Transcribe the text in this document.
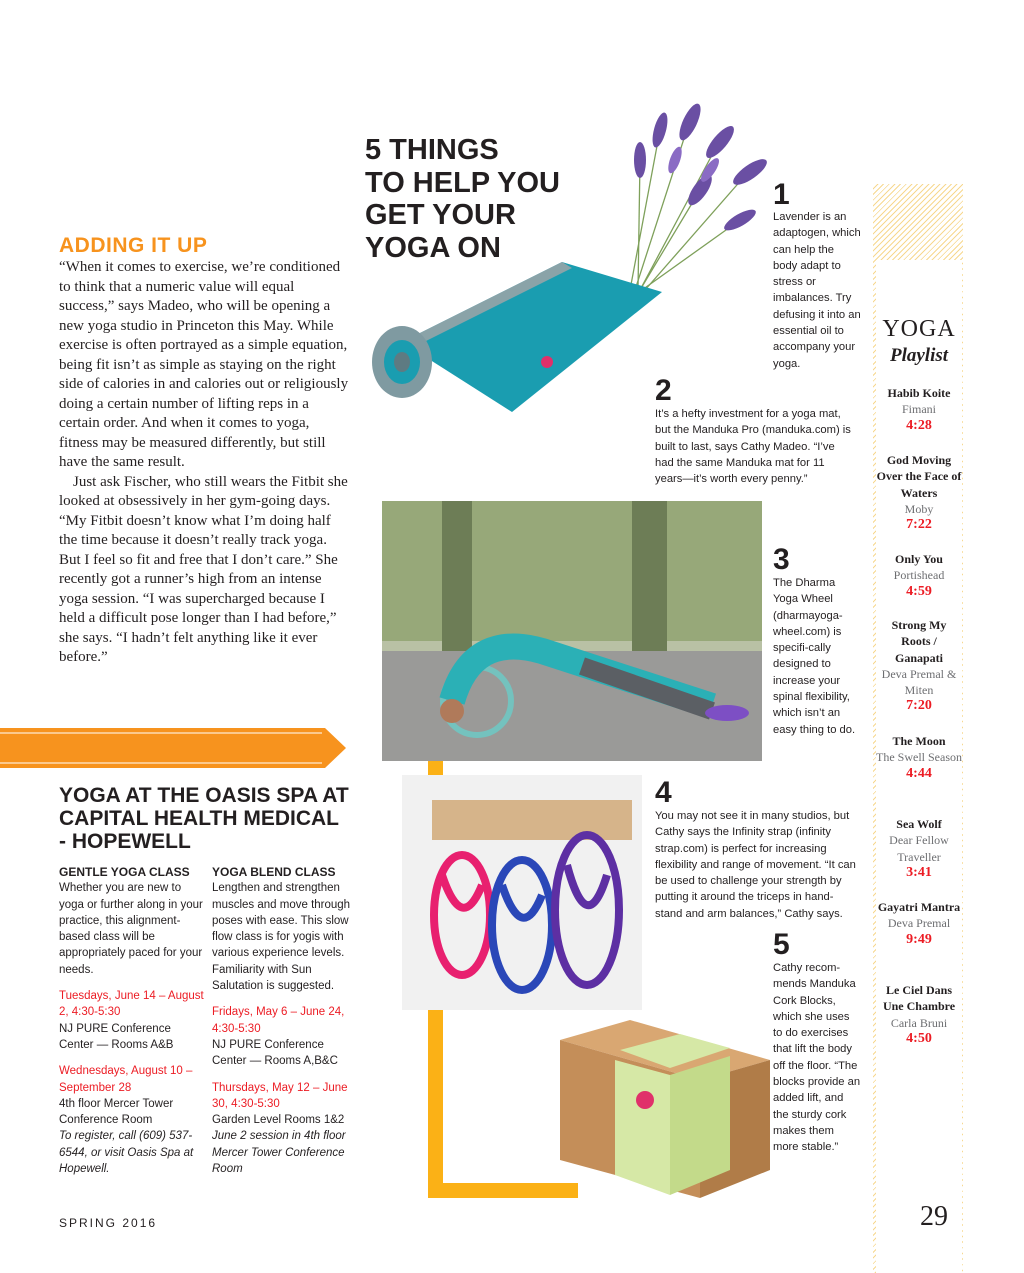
5 THINGS
TO HELP YOU
GET YOUR
YOGA ON
ADDING IT UP

“When it comes to exercise, we’re conditioned to think that a numeric value will equal success,” says Madeo, who will be opening a new yoga studio in Princeton this May. While exercise is often portrayed as a simple equation, being fit isn’t as simple as staying on the right side of calories in and calories out or religiously doing a certain number of lifting reps in a certain order. And when it comes to yoga, fitness may be measured differently, but still have the same result.

Just ask Fischer, who still wears the Fitbit she looked at obsessively in her gym-going days. “My Fitbit doesn’t know what I’m doing half the time because it doesn’t really track yoga. But I feel so fit and free that I don’t care.” She recently got a runner’s high from an intense yoga session. “I was supercharged because I held a difficult pose longer than I had before,” she says. “I hadn’t felt anything like it ever before.”

YOGA AT THE OASIS SPA AT CAPITAL HEALTH MEDICAL - HOPEWELL
GENTLE YOGA CLASS
Whether you are new to yoga or further along in your practice, this alignment-based class will be appropriately paced for your needs.
Tuesdays, June 14 – August 2, 4:30-5:30
NJ PURE Conference Center — Rooms A&B
Wednesdays, August 10 – September 28
4th floor Mercer Tower Conference Room
To register, call (609) 537-6544, or visit Oasis Spa at Hopewell.
YOGA BLEND CLASS
Lengthen and strengthen muscles and move through poses with ease. This slow flow class is for yogis with various experience levels. Familiarity with Sun Salutation is suggested.
Fridays, May 6 – June 24, 4:30-5:30
NJ PURE Conference Center — Rooms A,B&C
Thursdays, May 12 – June 30, 4:30-5:30
Garden Level Rooms 1&2
June 2 session in 4th floor Mercer Tower Conference Room
SPRING 2016
1
Lavender is an adaptogen, which can help the body adapt to stress or imbalances. Try defusing it into an essential oil to accompany your yoga.
2
It’s a hefty investment for a yoga mat, but the Manduka Pro (manduka.com) is built to last, says Cathy Madeo. “I’ve had the same Manduka mat for 11 years—it’s worth every penny.”
3
The Dharma Yoga Wheel (dharmayoga-wheel.com) is specifi-cally designed to increase your spinal flexibility, which isn’t an easy thing to do.
4
You may not see it in many studios, but Cathy says the Infinity strap (infinity strap.com) is perfect for increasing flexibility and range of movement. “It can be used to challenge your strength by putting it around the triceps in hand-stand and arm balances,” Cathy says.
5
Cathy recom-mends Manduka Cork Blocks, which she uses to do exercises that lift the body off the floor. “The blocks provide an added lift, and the sturdy cork makes them more stable.”
YOGA
Playlist
Habib Koite
Fimani
4:28
God Moving Over the Face of Waters
Moby
7:22
Only You
Portishead
4:59
Strong My Roots / Ganapati
Deva Premal & Miten
7:20
The Moon
The Swell Season
4:44
Sea Wolf
Dear Fellow Traveller
3:41
Gayatri Mantra
Deva Premal
9:49
Le Ciel Dans Une Chambre
Carla Bruni
4:50
29
